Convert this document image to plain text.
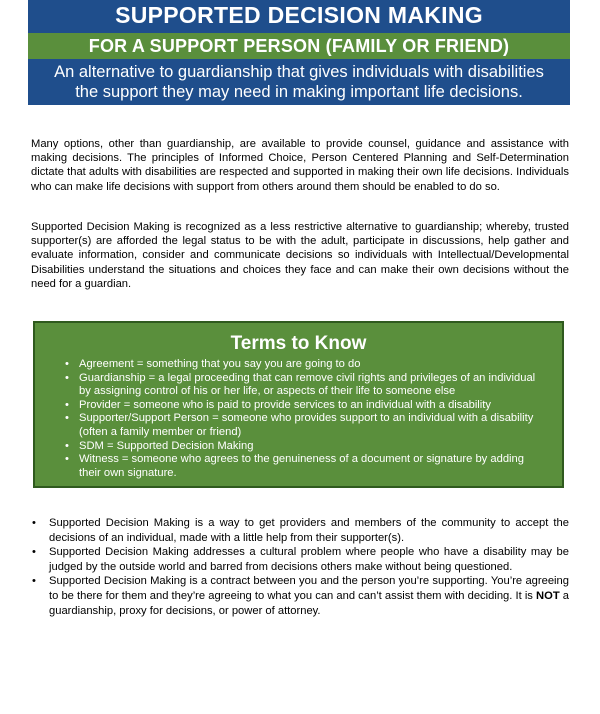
SUPPORTED DECISION MAKING
FOR A SUPPORT PERSON (FAMILY OR FRIEND)
An alternative to guardianship that gives individuals with disabilities
the support they may need in making important life decisions.

Many options, other than guardianship, are available to provide counsel, guidance and assistance with making decisions. The principles of Informed Choice, Person Centered Planning and Self-Determination dictate that adults with disabilities are respected and supported in making their own life decisions. Individuals who can make life decisions with support from others around them should be enabled to do so.

Supported Decision Making is recognized as a less restrictive alternative to guardianship; whereby, trusted supporter(s) are afforded the legal status to be with the adult, participate in discussions, help gather and evaluate information, consider and communicate decisions so individuals with Intellectual/Developmental Disabilities understand the situations and choices they face and can make their own decisions without the need for a guardian.

Terms to Know
• Agreement = something that you say you are going to do
• Guardianship = a legal proceeding that can remove civil rights and privileges of an individual by assigning control of his or her life, or aspects of their life to someone else
• Provider = someone who is paid to provide services to an individual with a disability
• Supporter/Support Person = someone who provides support to an individual with a disability (often a family member or friend)
• SDM = Supported Decision Making
• Witness = someone who agrees to the genuineness of a document or signature by adding their own signature.
• Supported Decision Making is a way to get providers and members of the community to accept the decisions of an individual, made with a little help from their supporter(s).
• Supported Decision Making addresses a cultural problem where people who have a disability may be judged by the outside world and barred from decisions others make without being questioned.
• Supported Decision Making is a contract between you and the person you’re supporting. You’re agreeing to be there for them and they’re agreeing to what you can and can’t assist them with deciding. It is NOT a guardianship, proxy for decisions, or power of attorney.
